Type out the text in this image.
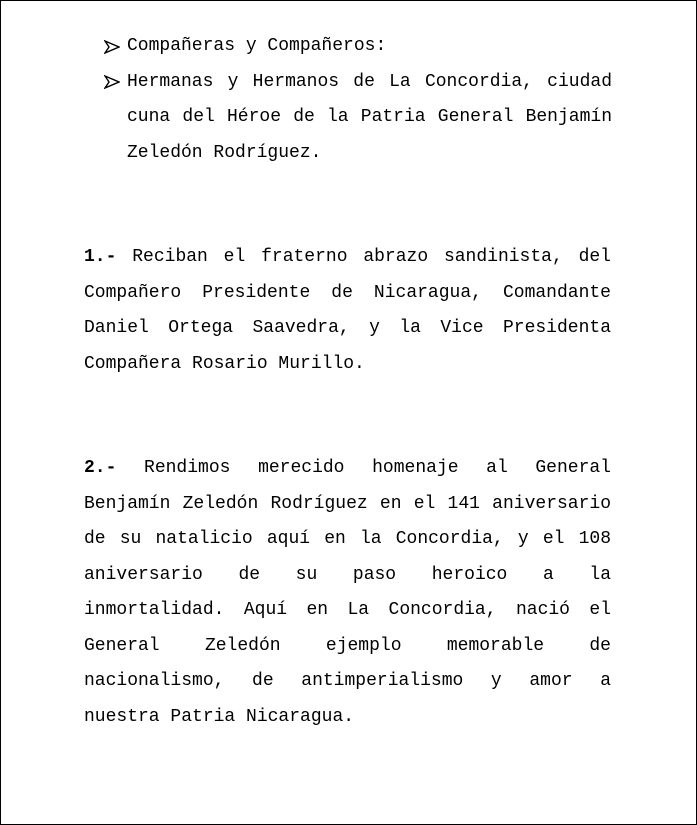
Compañeras y Compañeros:
Hermanas y Hermanos de La Concordia, ciudad cuna del Héroe de la Patria General Benjamín Zeledón Rodríguez.

1.- Reciban el fraterno abrazo sandinista, del Compañero Presidente de Nicaragua, Comandante Daniel Ortega Saavedra, y la Vice Presidenta Compañera Rosario Murillo.

2.- Rendimos merecido homenaje al General Benjamín Zeledón Rodríguez en el 141 aniversario de su natalicio aquí en la Concordia, y el 108 aniversario de su paso heroico a la inmortalidad. Aquí en La Concordia, nació el General Zeledón ejemplo memorable de nacionalismo, de antimperialismo y amor a nuestra Patria Nicaragua.
